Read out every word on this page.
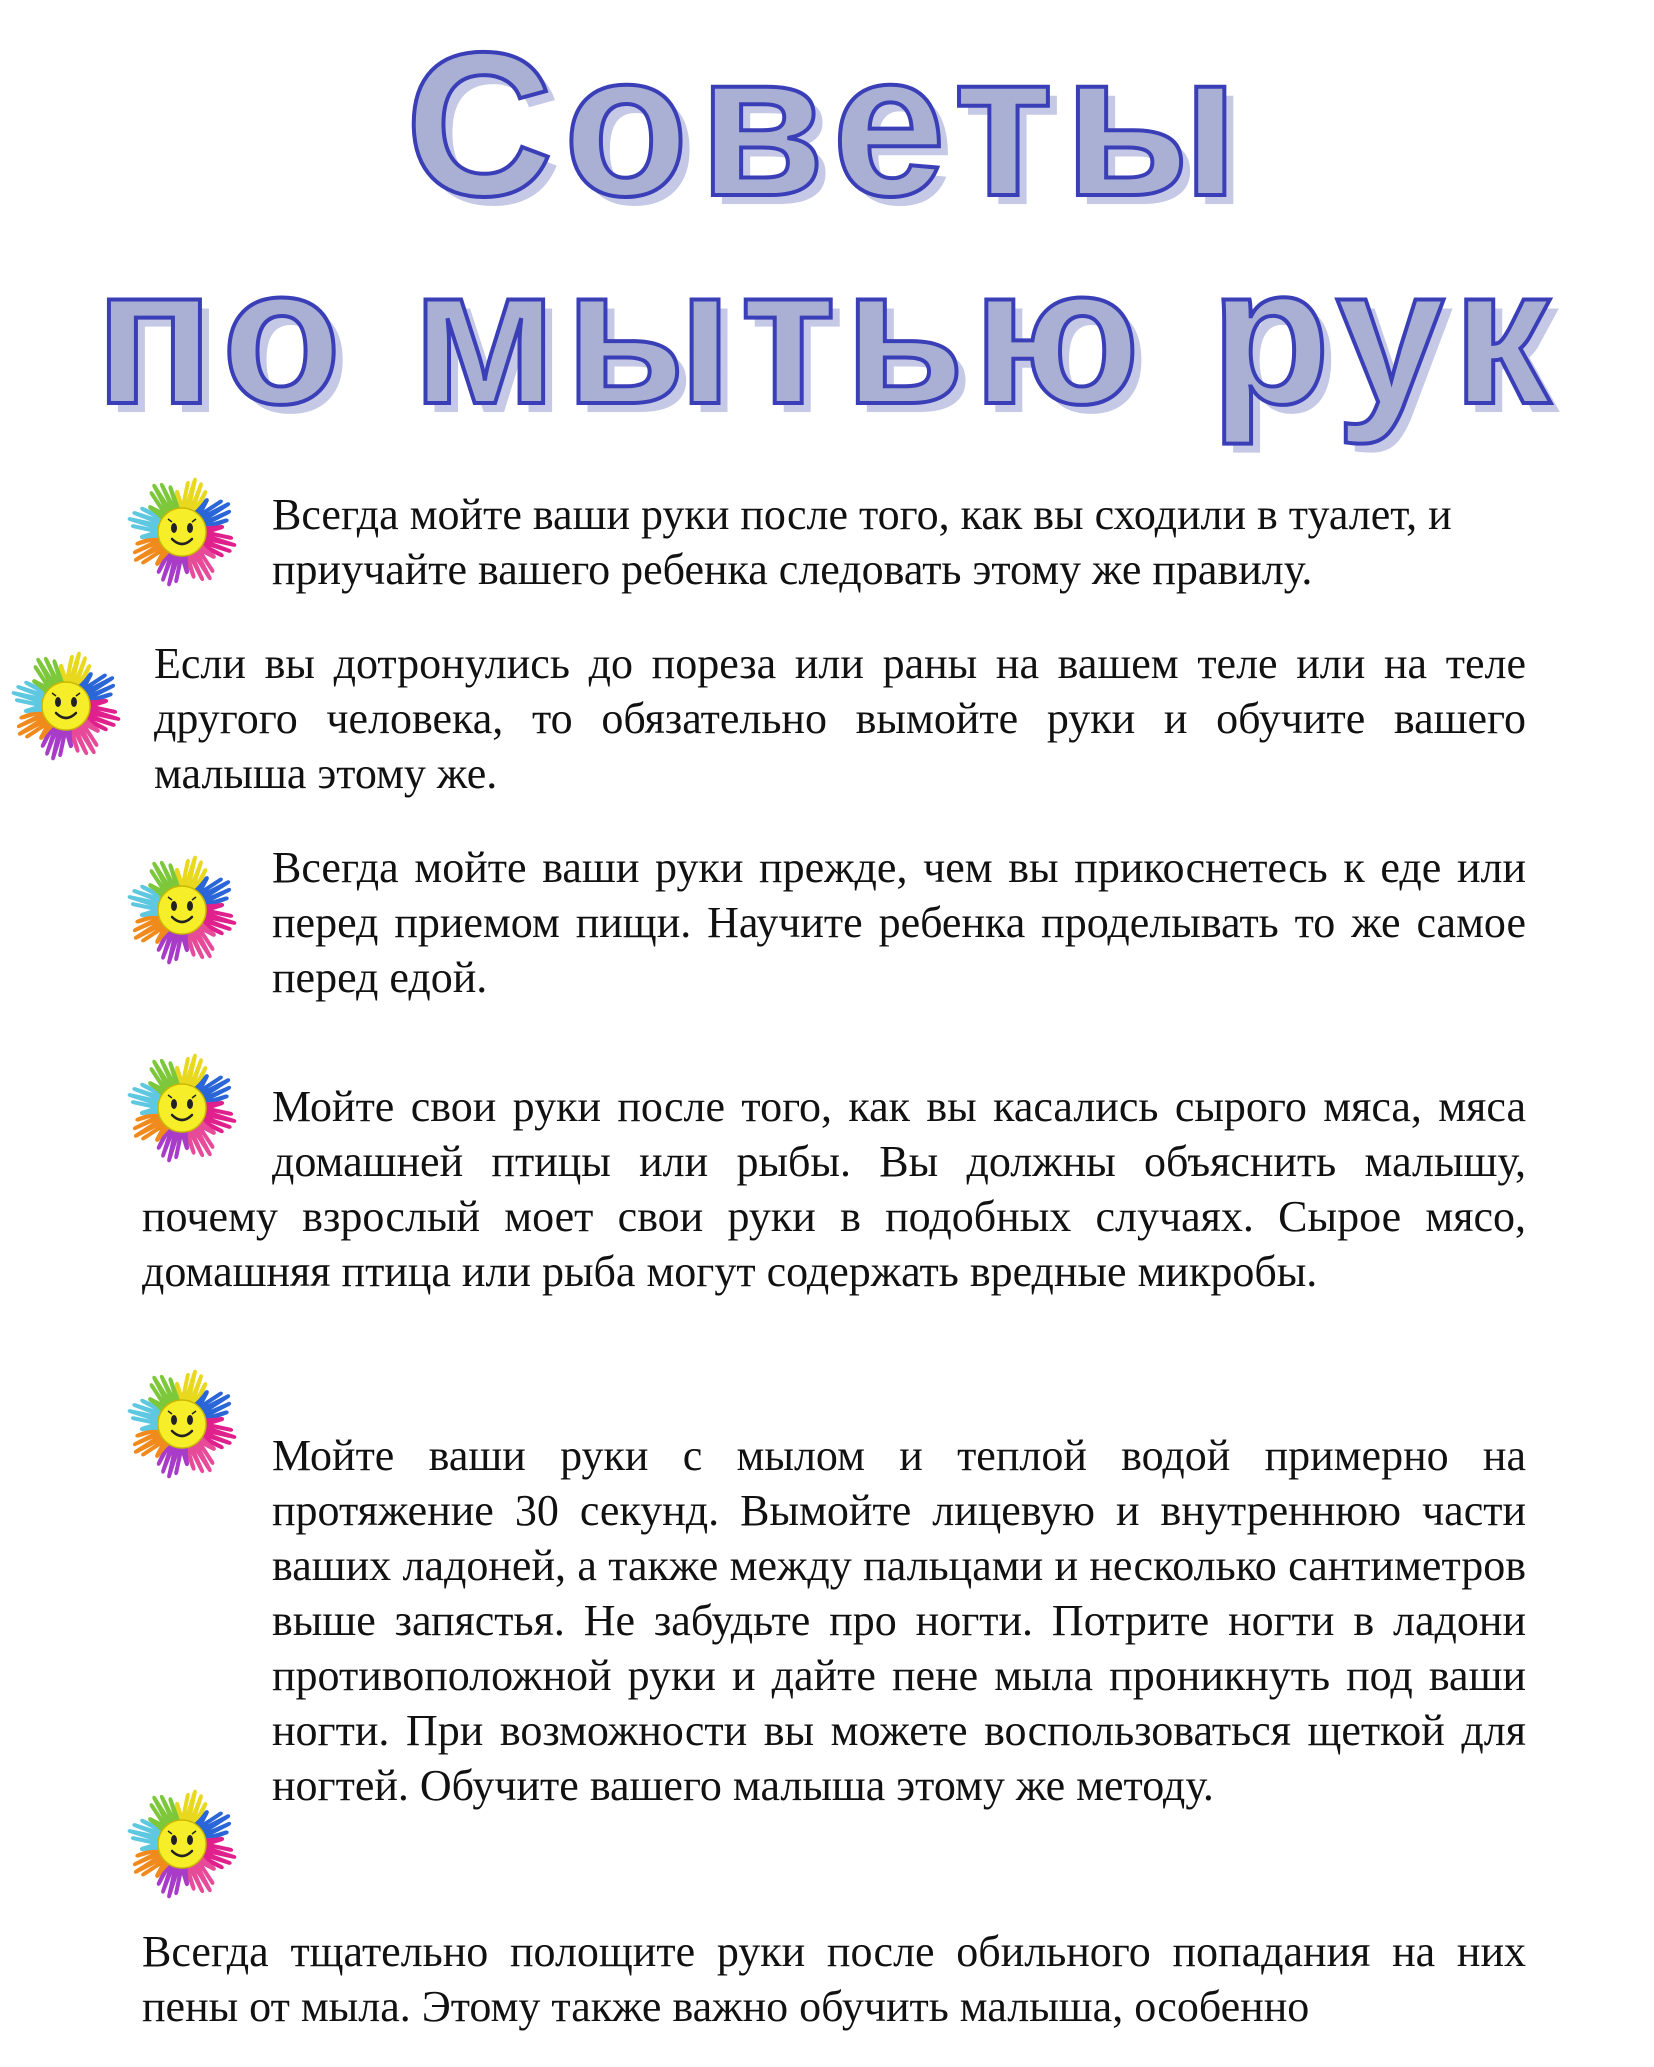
Советы
по мытью рук

Всегда мойте ваши руки после того, как вы сходили в туалет, и приучайте вашего ребенка следовать этому же правилу.

Если вы дотронулись до пореза или раны на вашем теле или на теле другого человека, то обязательно вымойте руки и обучите вашего малыша этому же.

Всегда мойте ваши руки прежде, чем вы прикоснетесь к еде или перед приемом пищи. Научите ребенка проделывать то же самое перед едой.

Мойте свои руки после того, как вы касались сырого мяса, мяса домашней птицы или рыбы. Вы должны объяснить малышу, почему взрослый моет свои руки в подобных случаях. Сырое мясо, домашняя птица или рыба могут содержать вредные микробы.
Мойте ваши руки с мылом и теплой водой примерно на протяжение 30 секунд. Вымойте лицевую и внутреннюю части ваших ладоней, а также между пальцами и несколько сантиметров выше запястья. Не забудьте про ногти. Потрите ногти в ладони противоположной руки и дайте пене мыла проникнуть под ваши ногти. При возможности вы можете воспользоваться щеткой для ногтей. Обучите вашего малыша этому же методу.

Всегда тщательно полощите руки после обильного попадания на них пены от мыла. Этому также важно обучить малыша, особенно
